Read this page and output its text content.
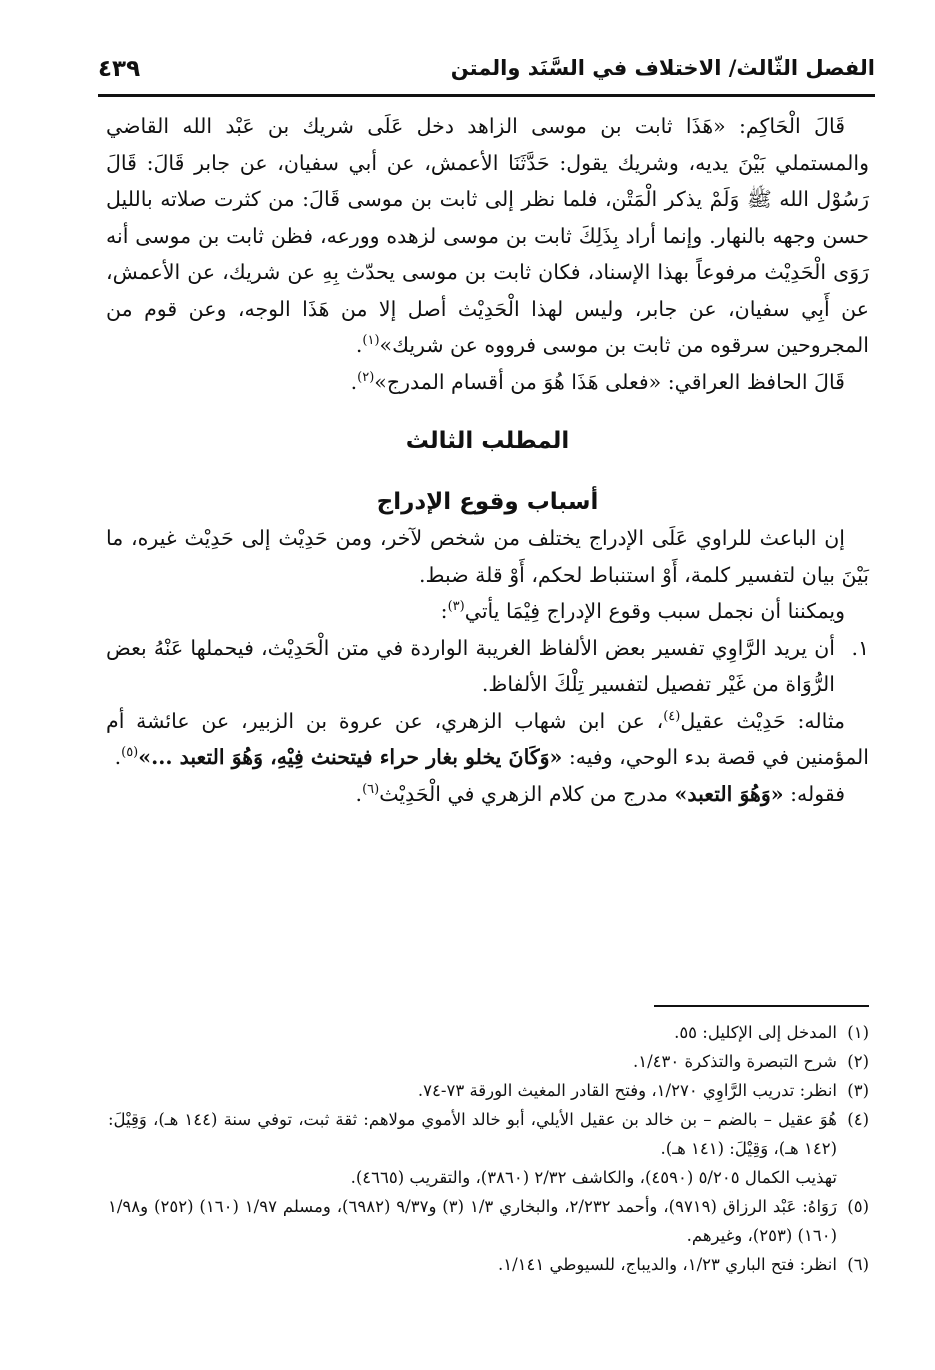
الفصل الثّالث/ الاختلاف في السَّنَد والمتن
٤٣٩

قَالَ الْحَاكِم: «هَذَا ثابت بن موسى الزاهد دخل عَلَى شريك بن عَبْد الله القاضي والمستملي بَيْنَ يديه، وشريك يقول: حَدَّثَنَا الأعمش، عن أبي سفيان، عن جابر قَالَ: قَالَ رَسُوْل الله ﷺ وَلَمْ يذكر الْمَتْن، فلما نظر إلى ثابت بن موسى قَالَ: من كثرت صلاته بالليل حسن وجهه بالنهار. وإنما أراد بِذَلِكَ ثابت بن موسى لزهده وورعه، فظن ثابت بن موسى أنه رَوَى الْحَدِيْث مرفوعاً بهذا الإسناد، فكان ثابت بن موسى يحدّث بِهِ عن شريك، عن الأعمش، عن أَبِي سفيان، عن جابر، وليس لهذا الْحَدِيْث أصل إلا من هَذَا الوجه، وعن قوم من المجروحين سرقوه من ثابت بن موسى فرووه عن شريك»$^{(١)}$.

قَالَ الحافظ العراقي: «فعلى هَذَا هُوَ من أقسام المدرج»$^{(٢)}$.

المطلب الثالث
أسباب وقوع الإدراج

إن الباعث للراوي عَلَى الإدراج يختلف من شخص لآخر، ومن حَدِيْث إلى حَدِيْث غيره، ما بَيْنَ بيان لتفسير كلمة، أَوْ استنباط لحكم، أَوْ قلة ضبط.

ويمكننا أن نجمل سبب وقوع الإدراج فِيْمَا يأتي$^{(٣)}$:

١.
أن يريد الرَّاوِي تفسير بعض الألفاظ الغريبة الواردة في متن الْحَدِيْث، فيحملها عَنْهُ بعض الرُّوَاة من غَيْر تفصيل لتفسير تِلْكَ الألفاظ.

مثاله: حَدِيْث عقيل$^{(٤)}$، عن ابن شهاب الزهري، عن عروة بن الزبير، عن عائشة أم المؤمنين في قصة بدء الوحي، وفيه: «وَكَانَ يخلو بغار حراء فيتحنث فِيْهِ، وَهُوَ التعبد ...»$^{(٥)}$.

فقوله: «وَهُوَ التعبد» مدرج من كلام الزهري في الْحَدِيْث$^{(٦)}$.

(١)
المدخل إلى الإكليل: ٥٥.
(٢)
شرح التبصرة والتذكرة ١/٤٣٠.
(٣)
انظر: تدريب الرَّاوِي ١/٢٧٠، وفتح القادر المغيث الورقة ٧٣-٧٤.
(٤)
هُوَ عقيل – بالضم – بن خالد بن عقيل الأيلي، أبو خالد الأموي مولاهم: ثقة ثبت، توفي سنة (١٤٤ هـ)، وَقِيْلَ: (١٤٢ هـ)، وَقِيْلَ: (١٤١ هـ).
تهذيب الكمال ٥/٢٠٥ (٤٥٩٠)، والكاشف ٢/٣٢ (٣٨٦٠)، والتقريب (٤٦٦٥).
(٥)
رَوَاهُ: عَبْد الرزاق (٩٧١٩)، وأحمد ٢/٢٣٢، والبخاري ١/٣ (٣) و٩/٣٧ (٦٩٨٢)، ومسلم ١/٩٧ (١٦٠) (٢٥٢) و١/٩٨ (١٦٠) (٢٥٣)، وغيرهم.
(٦)
انظر: فتح الباري ١/٢٣، والديباج، للسيوطي ١/١٤١.
